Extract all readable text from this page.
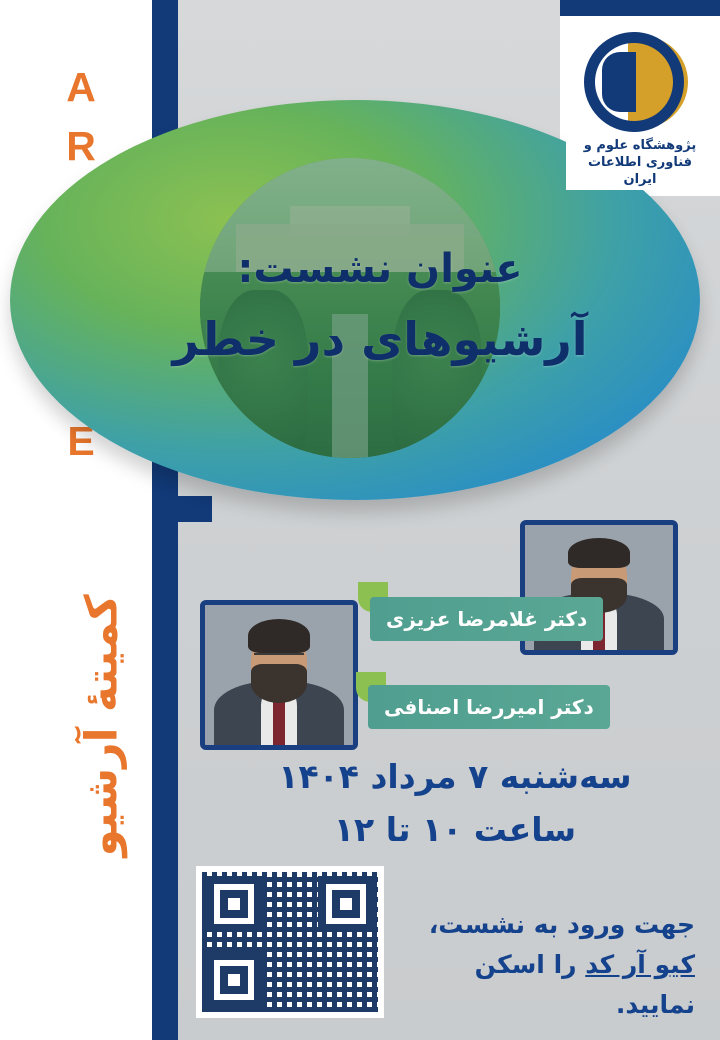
A
R
E
کمیتهٔ آرشیو
عنوان نشست:
آرشیوهای در خطر
دکتر غلامرضا عزیزی
دکتر امیررضا اصنافی
سه‌شنبه ۷ مرداد ۱۴۰۴
ساعت ۱۰ تا ۱۲
جهت ورود به نشست،
کیو آر کد را اسکن نمایید.
پژوهشگاه علوم و فناوری اطلاعات ایران
